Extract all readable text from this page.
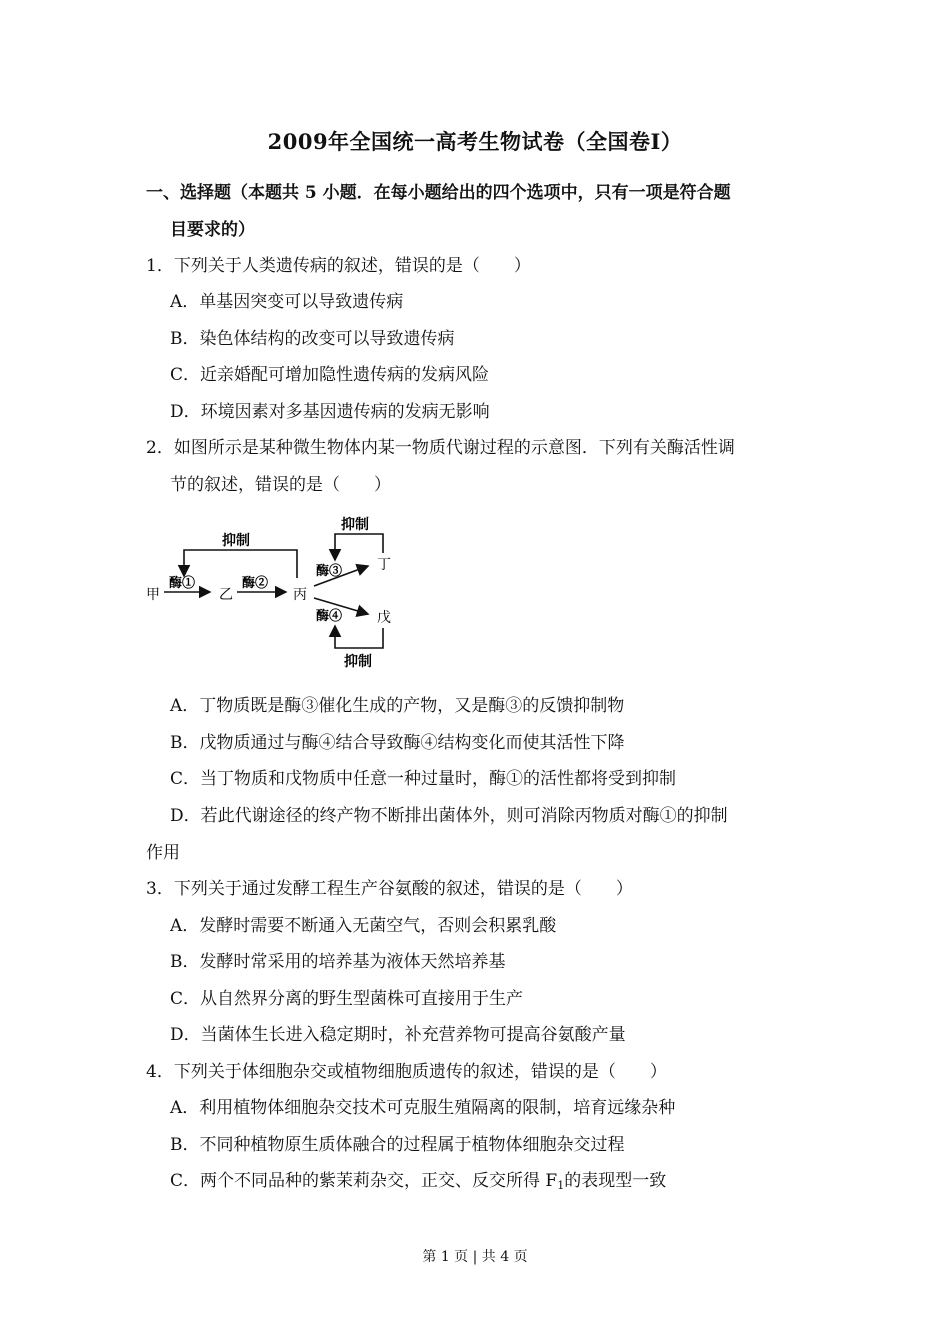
2009年全国统一高考生物试卷（全国卷Ⅰ）
一、选择题（本题共 5 小题．在每小题给出的四个选项中，只有一项是符合题
目要求的）
1．下列关于人类遗传病的叙述，错误的是（　　）
A．单基因突变可以导致遗传病
B．染色体结构的改变可以导致遗传病
C．近亲婚配可增加隐性遗传病的发病风险
D．环境因素对多基因遗传病的发病无影响
2．如图所示是某种微生物体内某一物质代谢过程的示意图．下列有关酶活性调
节的叙述，错误的是（　　）
抑制
甲
酶①
乙
酶②
丙
酶③ 丁
抑制
酶④ 戊
抑制
A．丁物质既是酶③催化生成的产物，又是酶③的反馈抑制物
B．戊物质通过与酶④结合导致酶④结构变化而使其活性下降
C．当丁物质和戊物质中任意一种过量时，酶①的活性都将受到抑制
D．若此代谢途径的终产物不断排出菌体外，则可消除丙物质对酶①的抑制
作用
3．下列关于通过发酵工程生产谷氨酸的叙述，错误的是（　　）
A．发酵时需要不断通入无菌空气，否则会积累乳酸
B．发酵时常采用的培养基为液体天然培养基
C．从自然界分离的野生型菌株可直接用于生产
D．当菌体生长进入稳定期时，补充营养物可提高谷氨酸产量
4．下列关于体细胞杂交或植物细胞质遗传的叙述，错误的是（　　）
A．利用植物体细胞杂交技术可克服生殖隔离的限制，培育远缘杂种
B．不同种植物原生质体融合的过程属于植物体细胞杂交过程
C．两个不同品种的紫茉莉杂交，正交、反交所得 $F_1$的表现型一致
第 1 页 | 共 4 页
